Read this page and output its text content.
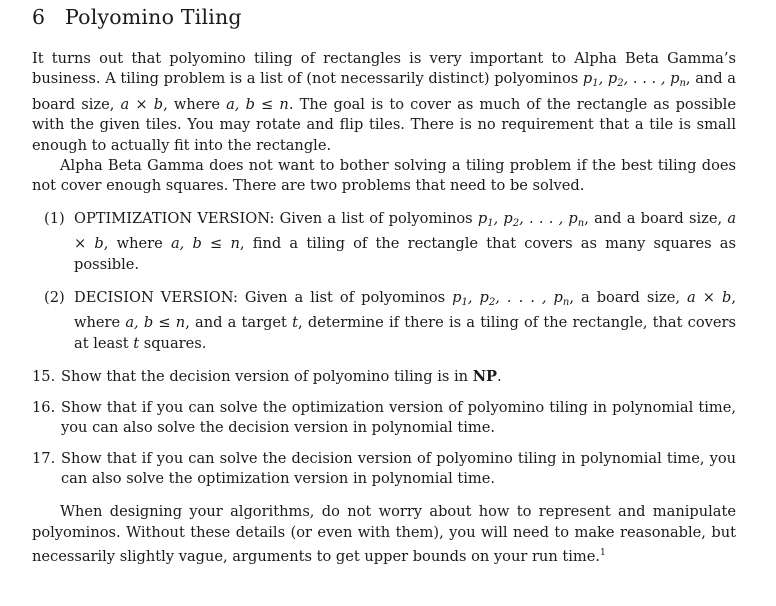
6 Polyomino Tiling

It turns out that polyomino tiling of rectangles is very important to Alpha Beta Gamma’s business. A tiling problem is a list of (not necessarily distinct) polyominos $p_1$, $p_2$, . . . , $p_n$, and a board size, a × b, where a, b ≤ n. The goal is to cover as much of the rectangle as possible with the given tiles. You may rotate and flip tiles. There is no requirement that a tile is small enough to actually fit into the rectangle.

Alpha Beta Gamma does not want to bother solving a tiling problem if the best tiling does not cover enough squares. There are two problems that need to be solved.

(1) OPTIMIZATION VERSION: Given a list of polyominos $p_1$, $p_2$, . . . , $p_n$, and a board size, a × b, where a, b ≤ n, find a tiling of the rectangle that covers as many squares as possible.
(2) DECISION VERSION: Given a list of polyominos $p_1$, $p_2$, . . . , $p_n$, a board size, a × b, where a, b ≤ n, and a target t, determine if there is a tiling of the rectangle, that covers at least t squares.
15. Show that the decision version of polyomino tiling is in NP.
16. Show that if you can solve the optimization version of polyomino tiling in polynomial time, you can also solve the decision version in polynomial time.
17. Show that if you can solve the decision version of polyomino tiling in polynomial time, you can also solve the optimization version in polynomial time.

When designing your algorithms, do not worry about how to represent and manipulate polyominos. Without these details (or even with them), you will need to make reasonable, but necessarily slightly vague, arguments to get upper bounds on your run time.$^1$
